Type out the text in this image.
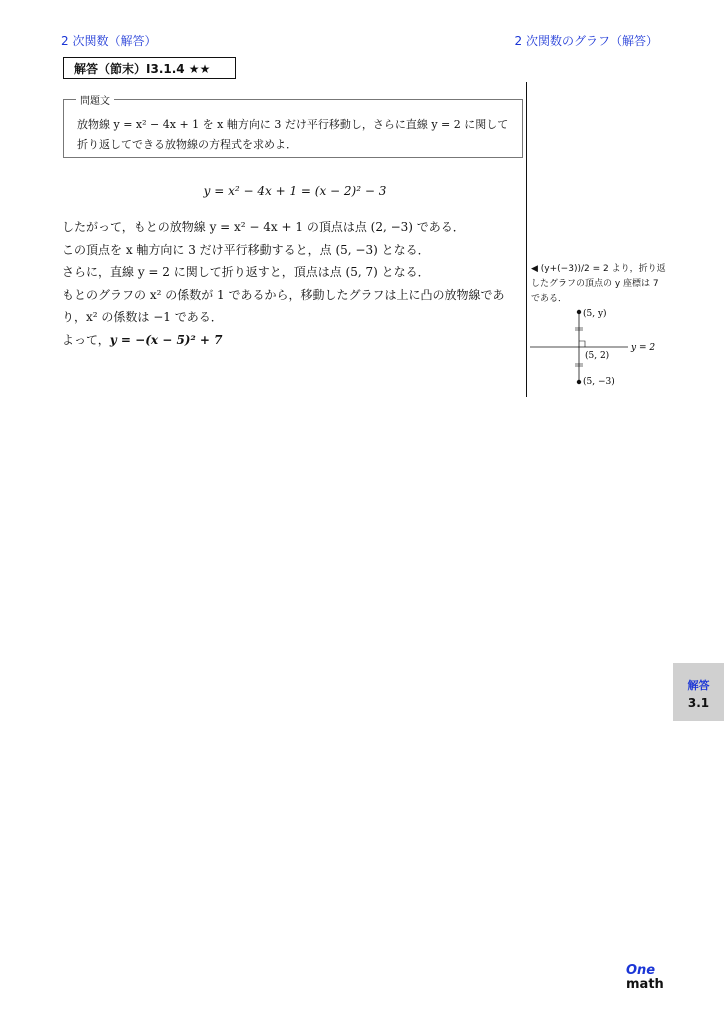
2 次関数（解答）	2 次関数のグラフ（解答）
解答（節末）I3.1.4 ★★
問題文
放物線 y = x² − 4x + 1 を x 軸方向に 3 だけ平行移動し，さらに直線 y = 2 に関して折り返してできる放物線の方程式を求めよ．
y = x² − 4x + 1 = (x − 2)² − 3

したがって，もとの放物線 y = x² − 4x + 1 の頂点は点 (2, −3) である．

この頂点を x 軸方向に 3 だけ平行移動すると，点 (5, −3) となる．

さらに，直線 y = 2 に関して折り返すと，頂点は点 (5, 7) となる．

もとのグラフの x² の係数が 1 であるから，移動したグラフは上に凸の放物線であり，x² の係数は −1 である．

よって，y = −(x − 5)² + 7

◀ (y+(−3))/2 = 2 より，折り返したグラフの頂点の y 座標は 7 である．
(5, y)
(5, 2)
(5, −3)
y = 2
解答
3.1
One
math
